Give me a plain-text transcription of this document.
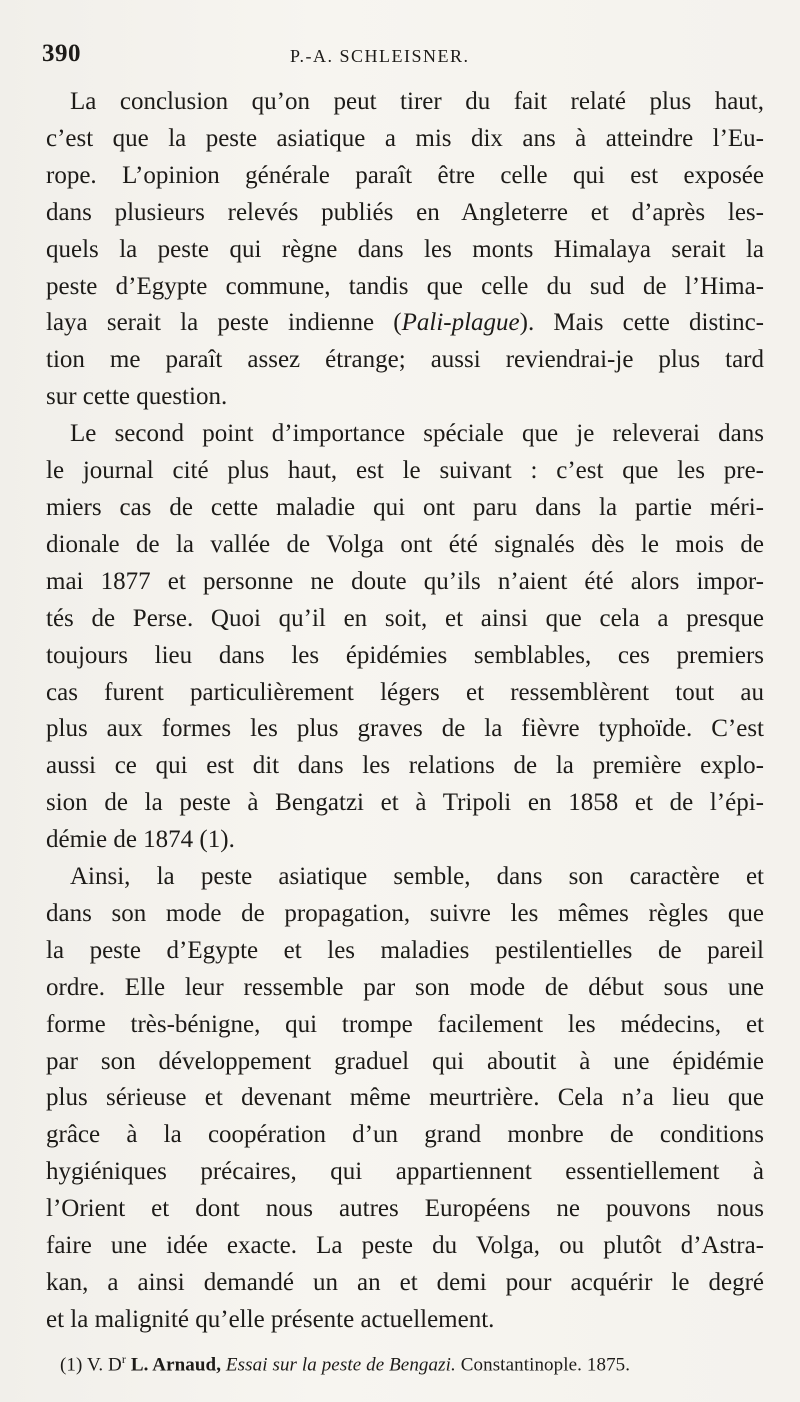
390	P.-A. SCHLEISNER.

La conclusion qu’on peut tirer du fait relaté plus haut,
c’est que la peste asiatique a mis dix ans à atteindre l’Eu-
rope. L’opinion générale paraît être celle qui est exposée
dans plusieurs relevés publiés en Angleterre et d’après les-
quels la peste qui règne dans les monts Himalaya serait la
peste d’Egypte commune, tandis que celle du sud de l’Hima-
laya serait la peste indienne (Pali-plague). Mais cette distinc-
tion me paraît assez étrange; aussi reviendrai-je plus tard
sur cette question.

Le second point d’importance spéciale que je releverai dans
le journal cité plus haut, est le suivant : c’est que les pre-
miers cas de cette maladie qui ont paru dans la partie méri-
dionale de la vallée de Volga ont été signalés dès le mois de
mai 1877 et personne ne doute qu’ils n’aient été alors impor-
tés de Perse. Quoi qu’il en soit, et ainsi que cela a presque
toujours lieu dans les épidémies semblables, ces premiers
cas furent particulièrement légers et ressemblèrent tout au
plus aux formes les plus graves de la fièvre typhoïde. C’est
aussi ce qui est dit dans les relations de la première explo-
sion de la peste à Bengatzi et à Tripoli en 1858 et de l’épi-
démie de 1874 (1).

Ainsi, la peste asiatique semble, dans son caractère et
dans son mode de propagation, suivre les mêmes règles que
la peste d’Egypte et les maladies pestilentielles de pareil
ordre. Elle leur ressemble par son mode de début sous une
forme très-bénigne, qui trompe facilement les médecins, et
par son développement graduel qui aboutit à une épidémie
plus sérieuse et devenant même meurtrière. Cela n’a lieu que
grâce à la coopération d’un grand monbre de conditions
hygiéniques précaires, qui appartiennent essentiellement à
l’Orient et dont nous autres Européens ne pouvons nous
faire une idée exacte. La peste du Volga, ou plutôt d’Astra-
kan, a ainsi demandé un an et demi pour acquérir le degré
et la malignité qu’elle présente actuellement.

(1) V. $D^r$ L. Arnaud, Essai sur la peste de Bengazi. Constantinople. 1875.
